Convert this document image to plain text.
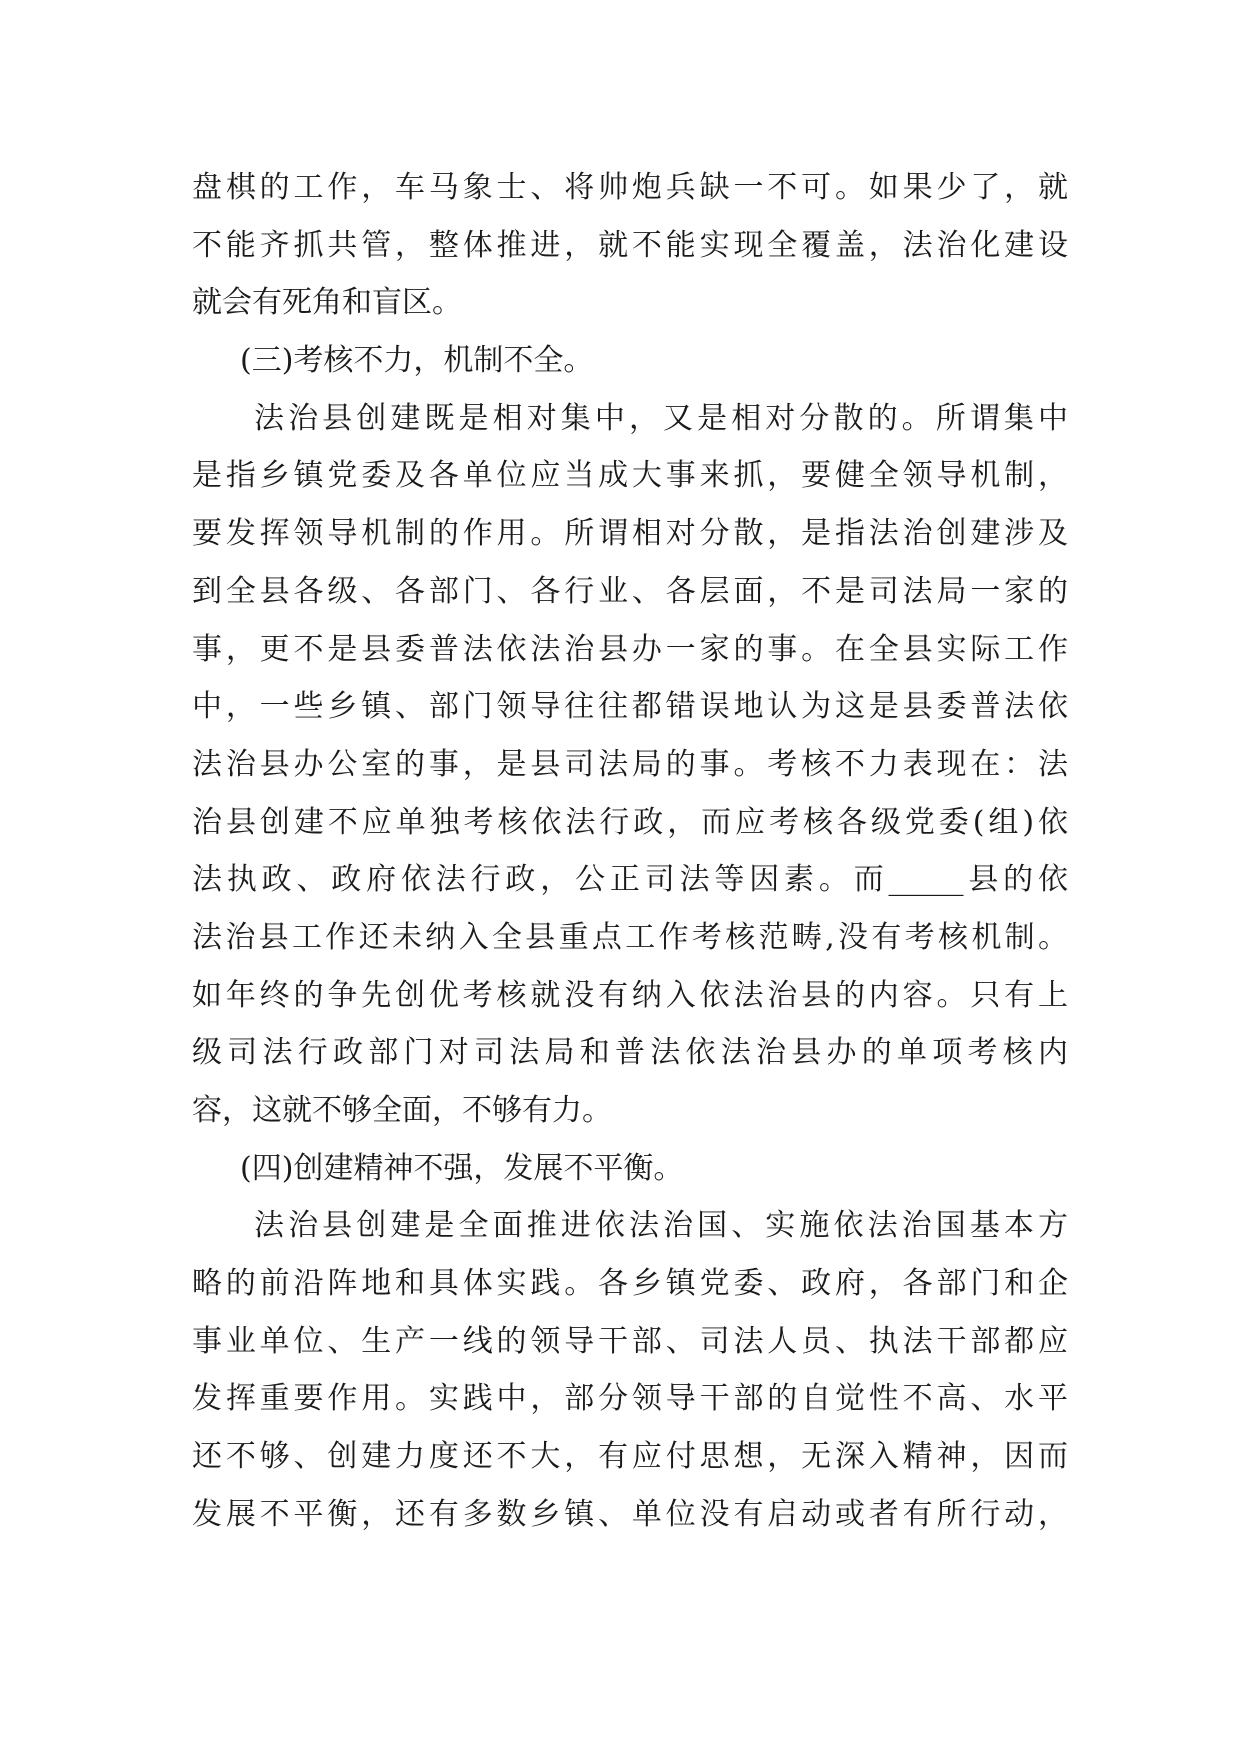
盘棋的工作，车马象士、将帅炮兵缺一不可。如果少了，就
不能齐抓共管，整体推进，就不能实现全覆盖，法治化建设
就会有死角和盲区。
(三)考核不力，机制不全。
法治县创建既是相对集中，又是相对分散的。所谓集中
是指乡镇党委及各单位应当成大事来抓，要健全领导机制，
要发挥领导机制的作用。所谓相对分散，是指法治创建涉及
到全县各级、各部门、各行业、各层面，不是司法局一家的
事，更不是县委普法依法治县办一家的事。在全县实际工作
中，一些乡镇、部门领导往往都错误地认为这是县委普法依
法治县办公室的事，是县司法局的事。考核不力表现在：法
治县创建不应单独考核依法行政，而应考核各级党委(组)依
法执政、政府依法行政，公正司法等因素。而_____县的依
法治县工作还未纳入全县重点工作考核范畴,没有考核机制。
如年终的争先创优考核就没有纳入依法治县的内容。只有上
级司法行政部门对司法局和普法依法治县办的单项考核内
容，这就不够全面，不够有力。
(四)创建精神不强，发展不平衡。
法治县创建是全面推进依法治国、实施依法治国基本方
略的前沿阵地和具体实践。各乡镇党委、政府，各部门和企
事业单位、生产一线的领导干部、司法人员、执法干部都应
发挥重要作用。实践中，部分领导干部的自觉性不高、水平
还不够、创建力度还不大，有应付思想，无深入精神，因而
发展不平衡，还有多数乡镇、单位没有启动或者有所行动，
